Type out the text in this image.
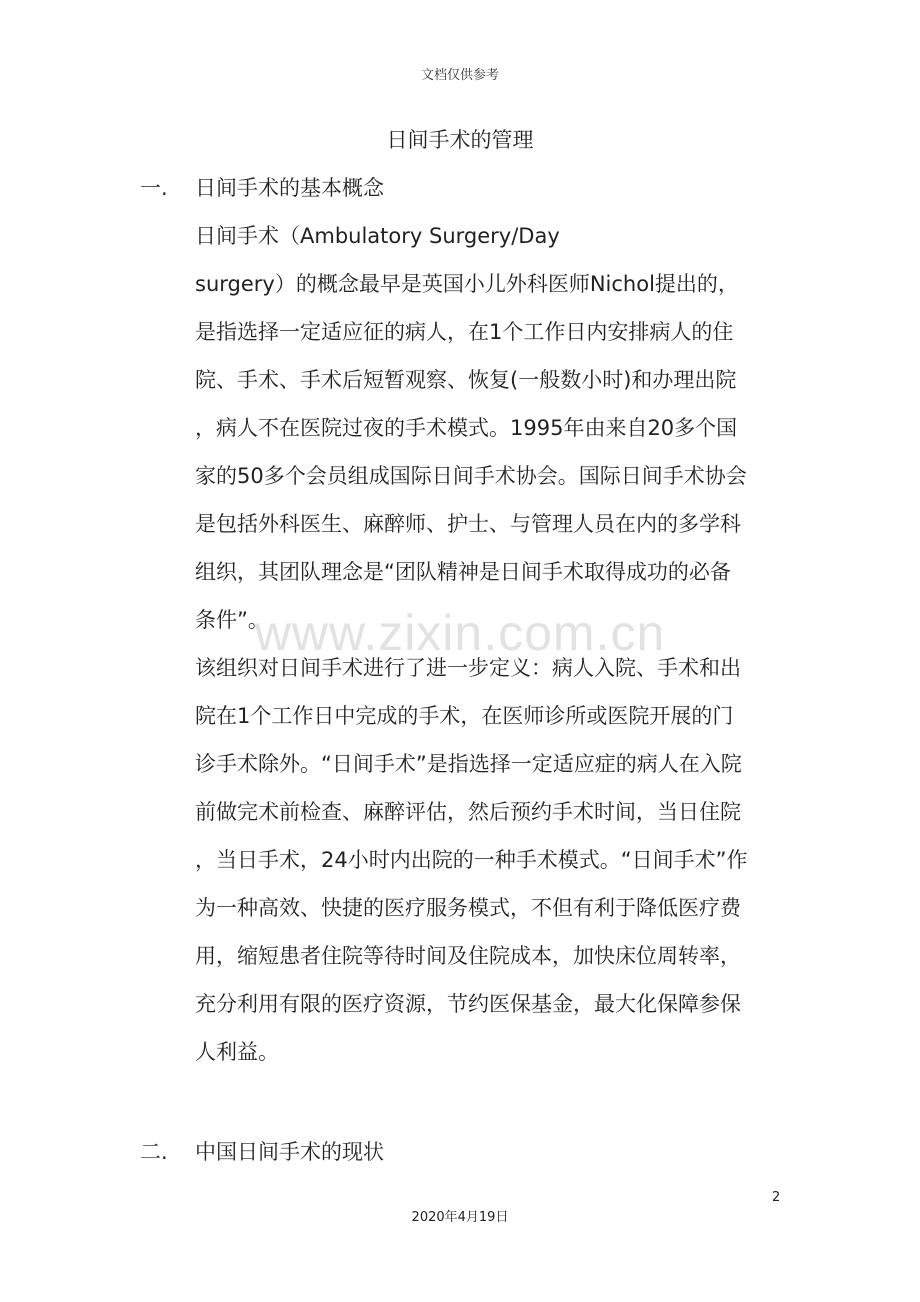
文档仅供参考
日间手术的管理
一. 日间手术的基本概念
日间手术（Ambulatory Surgery/Day
surgery）的概念最早是英国小儿外科医师Nichol提出的，
是指选择一定适应征的病人，在1个工作日内安排病人的住
院、手术、手术后短暂观察、恢复(一般数小时)和办理出院
，病人不在医院过夜的手术模式。1995年由来自20多个国
家的50多个会员组成国际日间手术协会。国际日间手术协会
是包括外科医生、麻醉师、护士、与管理人员在内的多学科
组织，其团队理念是“团队精神是日间手术取得成功的必备
条件”。
该组织对日间手术进行了进一步定义：病人入院、手术和出
院在1个工作日中完成的手术，在医师诊所或医院开展的门
诊手术除外。“日间手术”是指选择一定适应症的病人在入院
前做完术前检查、麻醉评估，然后预约手术时间，当日住院
，当日手术，24小时内出院的一种手术模式。“日间手术”作
为一种高效、快捷的医疗服务模式，不但有利于降低医疗费
用，缩短患者住院等待时间及住院成本，加快床位周转率，
充分利用有限的医疗资源，节约医保基金，最大化保障参保
人利益。
www.zixin.com.cn
二. 中国日间手术的现状
2
2020年4月19日
